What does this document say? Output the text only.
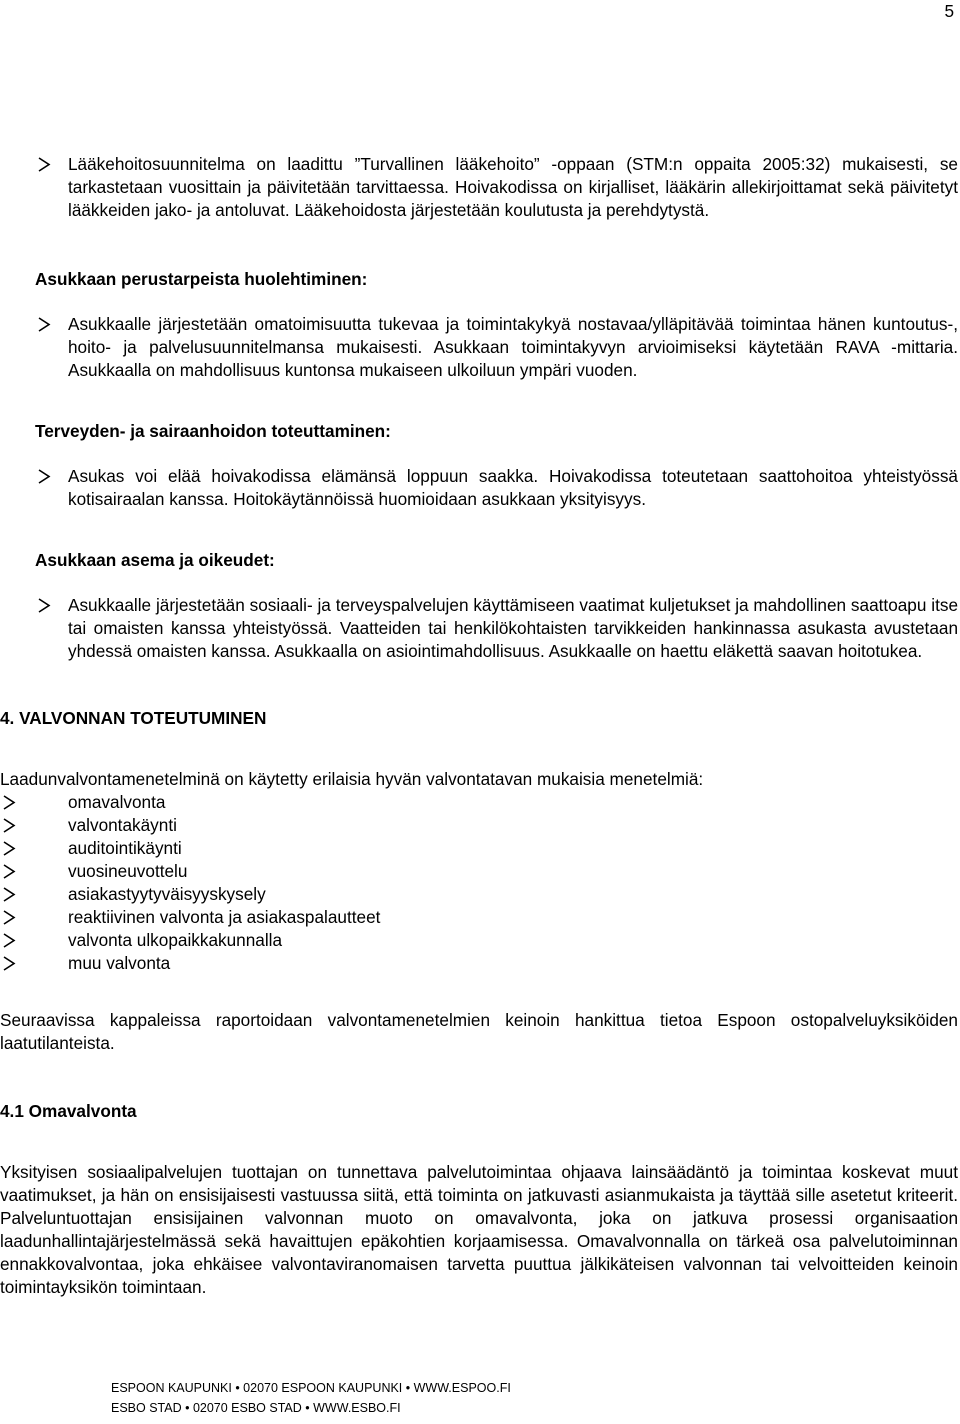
5
Lääkehoitosuunnitelma on laadittu ”Turvallinen lääkehoito” -oppaan (STM:n oppaita 2005:32) mukaisesti, se tarkastetaan vuosittain ja päivitetään tarvittaessa. Hoivakodissa on kirjalliset, lääkärin allekirjoittamat sekä päivitetyt lääkkeiden jako- ja antoluvat. Lääkehoidosta järjestetään koulutusta ja perehdytystä.

Asukkaan perustarpeista huolehtiminen:

Asukkaalle järjestetään omatoimisuutta tukevaa ja toimintakykyä nostavaa/ylläpitävää toimintaa hänen kuntoutus-, hoito- ja palvelusuunnitelmansa mukaisesti. Asukkaan toimintakyvyn arvioimiseksi käytetään RAVA -mittaria. Asukkaalla on mahdollisuus kuntonsa mukaiseen ulkoiluun ympäri vuoden.

Terveyden- ja sairaanhoidon toteuttaminen:

Asukas voi elää hoivakodissa elämänsä loppuun saakka. Hoivakodissa toteutetaan saattohoitoa yhteistyössä kotisairaalan kanssa. Hoitokäytännöissä huomioidaan asukkaan yksityisyys.

Asukkaan asema ja oikeudet:

Asukkaalle järjestetään sosiaali- ja terveyspalvelujen käyttämiseen vaatimat kuljetukset ja mahdollinen saattoapu itse tai omaisten kanssa yhteistyössä. Vaatteiden tai henkilökohtaisten tarvikkeiden hankinnassa asukasta avustetaan yhdessä omaisten kanssa. Asukkaalla on asiointimahdollisuus. Asukkaalle on haettu eläkettä saavan hoitotukea.

4. VALVONNAN TOTEUTUMINEN

Laadunvalvontamenetelminä on käytetty erilaisia hyvän valvontatavan mukaisia menetelmiä:

omavalvonta
valvontakäynti
auditointikäynti
vuosineuvottelu
asiakastyytyväisyyskysely
reaktiivinen valvonta ja asiakaspalautteet
valvonta ulkopaikkakunnalla
muu valvonta

Seuraavissa kappaleissa raportoidaan valvontamenetelmien keinoin hankittua tietoa Espoon ostopalveluyksiköiden laatutilanteista.

4.1 Omavalvonta

Yksityisen sosiaalipalvelujen tuottajan on tunnettava palvelutoimintaa ohjaava lainsäädäntö ja toimintaa koskevat muut vaatimukset, ja hän on ensisijaisesti vastuussa siitä, että toiminta on jatkuvasti asianmukaista ja täyttää sille asetetut kriteerit. Palveluntuottajan ensisijainen valvonnan muoto on omavalvonta, joka on jatkuva prosessi organisaation laadunhallintajärjestelmässä sekä havaittujen epäkohtien korjaamisessa. Omavalvonnalla on tärkeä osa palvelutoiminnan ennakkovalvontaa, joka ehkäisee valvontaviranomaisen tarvetta puuttua jälkikäteisen valvonnan tai velvoitteiden keinoin toimintayksikön toimintaan.

ESPOON KAUPUNKI • 02070 ESPOON KAUPUNKI • WWW.ESPOO.FI
ESBO STAD • 02070 ESBO STAD • WWW.ESBO.FI
